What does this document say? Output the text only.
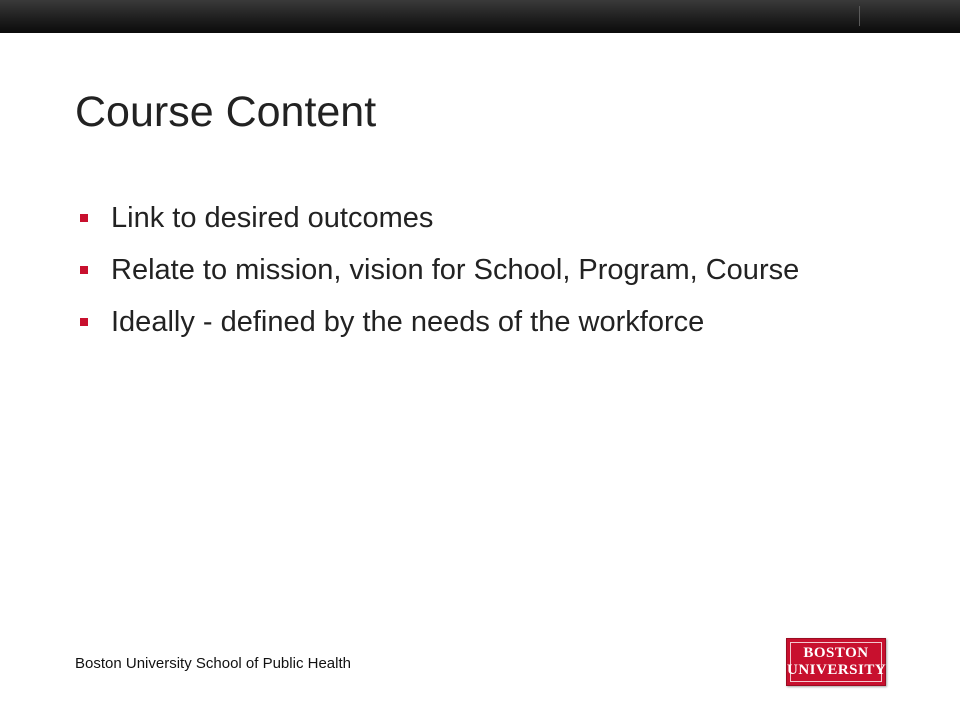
Course Content
Link to desired outcomes
Relate to mission, vision for School, Program, Course
Ideally - defined by the needs of the workforce
Boston University School of Public Health
BOSTON
UNIVERSITY
